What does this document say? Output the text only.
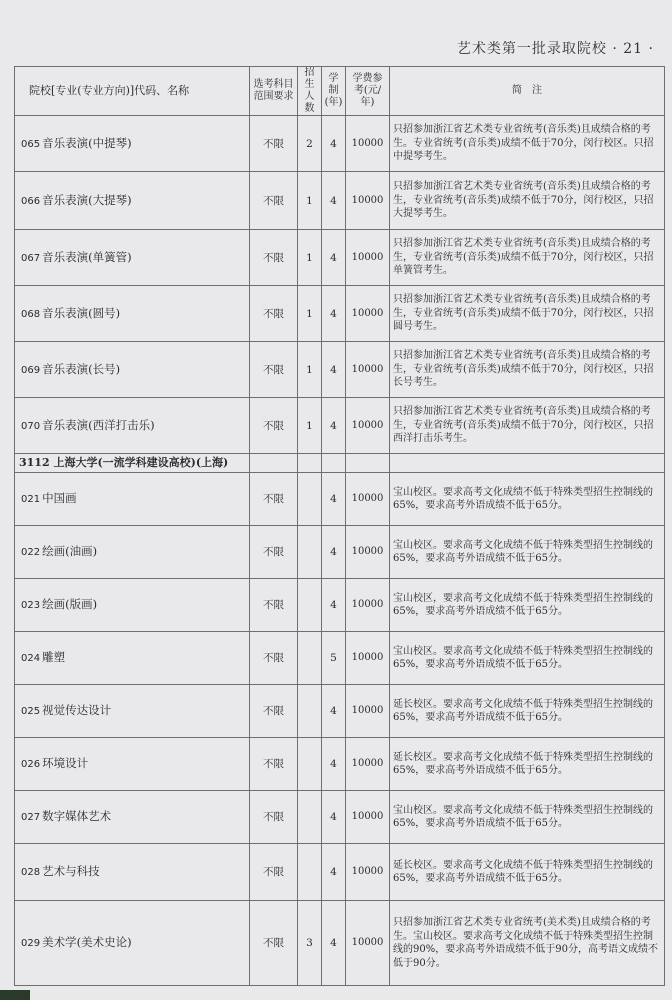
艺术类第一批录取院校 · 21 ·
院校[专业(专业方向)]代码、名称	选考科目范围要求	招生人数	学制(年)	学费参考(元/年)	简　注
065 音乐表演(中提琴)	不限	2	4	10000	只招参加浙江省艺术类专业省统考(音乐类)且成绩合格的考生。专业省统考(音乐类)成绩不低于70分，闵行校区。只招中提琴考生。
066 音乐表演(大提琴)	不限	1	4	10000	只招参加浙江省艺术类专业省统考(音乐类)且成绩合格的考生，专业省统考(音乐类)成绩不低于70分，闵行校区，只招大提琴考生。
067 音乐表演(单簧管)	不限	1	4	10000	只招参加浙江省艺术类专业省统考(音乐类)且成绩合格的考生，专业省统考(音乐类)成绩不低于70分，闵行校区，只招单簧管考生。
068 音乐表演(圆号)	不限	1	4	10000	只招参加浙江省艺术类专业省统考(音乐类)且成绩合格的考生，专业省统考(音乐类)成绩不低于70分，闵行校区，只招圆号考生。
069 音乐表演(长号)	不限	1	4	10000	只招参加浙江省艺术类专业省统考(音乐类)且成绩合格的考生，专业省统考(音乐类)成绩不低于70分，闵行校区，只招长号考生。
070 音乐表演(西洋打击乐)	不限	1	4	10000	只招参加浙江省艺术类专业省统考(音乐类)且成绩合格的考生，专业省统考(音乐类)成绩不低于70分，闵行校区，只招西洋打击乐考生。
3112 上海大学(一流学科建设高校)(上海)					
021 中国画	不限		4	10000	宝山校区。要求高考文化成绩不低于特殊类型招生控制线的65%，要求高考外语成绩不低于65分。
022 绘画(油画)	不限		4	10000	宝山校区。要求高考文化成绩不低于特殊类型招生控制线的65%，要求高考外语成绩不低于65分。
023 绘画(版画)	不限		4	10000	宝山校区，要求高考文化成绩不低于特殊类型招生控制线的65%，要求高考外语成绩不低于65分。
024 雕塑	不限		5	10000	宝山校区。要求高考文化成绩不低于特殊类型招生控制线的65%，要求高考外语成绩不低于65分。
025 视觉传达设计	不限		4	10000	延长校区。要求高考文化成绩不低于特殊类型招生控制线的65%，要求高考外语成绩不低于65分。
026 环境设计	不限		4	10000	延长校区。要求高考文化成绩不低于特殊类型招生控制线的65%，要求高考外语成绩不低于65分。
027 数字媒体艺术	不限		4	10000	宝山校区。要求高考文化成绩不低于特殊类型招生控制线的65%，要求高考外语成绩不低于65分。
028 艺术与科技	不限		4	10000	延长校区。要求高考文化成绩不低于特殊类型招生控制线的65%，要求高考外语成绩不低于65分。
029 美术学(美术史论)	不限	3	4	10000	只招参加浙江省艺术类专业省统考(美术类)且成绩合格的考生。宝山校区。要求高考文化成绩不低于特殊类型招生控制线的90%，要求高考外语成绩不低于90分，高考语文成绩不低于90分。
